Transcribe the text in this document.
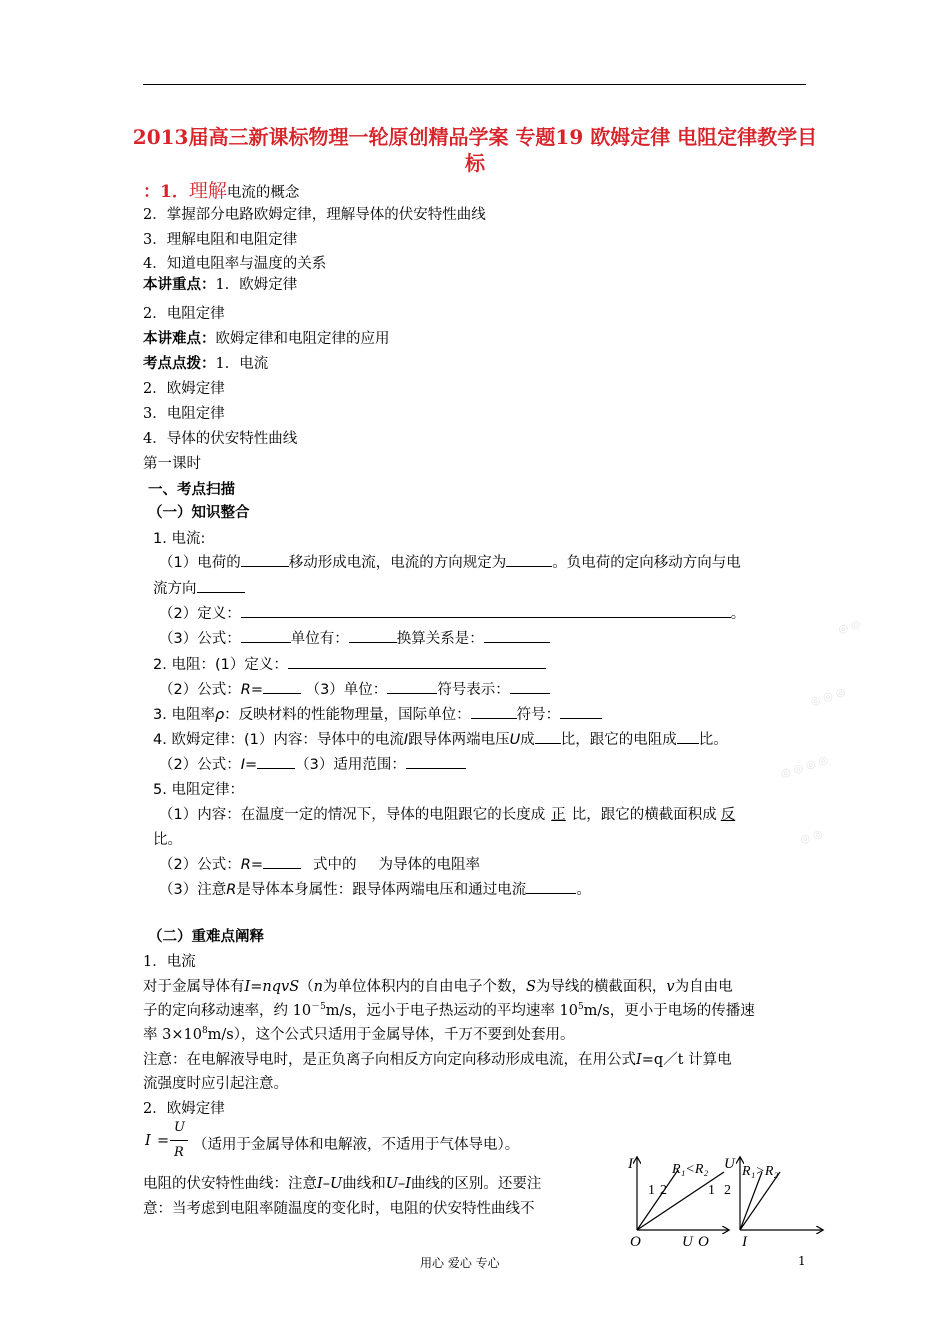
2013届高三新课标物理一轮原创精品学案 专题19 欧姆定律 电阻定律教学目标
：1．理解电流的概念
2．掌握部分电路欧姆定律，理解导体的伏安特性曲线
3．理解电阻和电阻定律
4．知道电阻率与温度的关系
本讲重点：1．欧姆定律
2．电阻定律
本讲难点：欧姆定律和电阻定律的应用
考点点拨：1．电流
2．欧姆定律
3．电阻定律
4．导体的伏安特性曲线
第一课时
一、考点扫描
（一）知识整合
1. 电流:
（1）电荷的	移动形成电流，电流的方向规定为	。负电荷的定向移动方向与电
流方向
（2）定义：	。
（3）公式：	单位有：	换算关系是：
2. 电阻：(1）定义：
（2）公式：R=	（3）单位：	符号表示：
3. 电阻率ρ：反映材料的性能物理量，国际单位：	符号：
4. 欧姆定律：(1）内容：导体中的电流I跟导体两端电压U成 比，跟它的电阻成 比。
（2）公式：I=	（3）适用范围：
5. 电阻定律：
（1）内容：在温度一定的情况下，导体的电阻跟它的长度成 正 比，跟它的横截面积成 反
比。
（2）公式：R=	式中的 为导体的电阻率
（3）注意R是导体本身属性：跟导体两端电压和通过电流	。
◎ ◎
◎ ◎ ◎
◎ ◎ ◎ ◎
◎ ◎
（二）重难点阐释
1．电流
对于金属导体有I=nqvS（n为单位体积内的自由电子个数，S为导线的横截面积，v为自由电
子的定向移动速率，约 $10^{-5}m/s$，远小于电子热运动的平均速率 $10^5m/s$，更小于电场的传播速
率 $3\times 10^8m/s$），这个公式只适用于金属导体，千万不要到处套用。
注意：在电解液导电时，是正负离子向相反方向定向移动形成电流，在用公式I=q／t 计算电
流强度时应引起注意。
2．欧姆定律
I =
U
R （适用于金属导体和电解液，不适用于气体导电）。
电阻的伏安特性曲线：注意I–U曲线和U–I曲线的区别。还要注
意：当考虑到电阻率随温度的变化时，电阻的伏安特性曲线不
I
U
O
R₁<R₂
1 2
U
I
O
R₁>R₂
1 2
用心 爱心 专心	1
